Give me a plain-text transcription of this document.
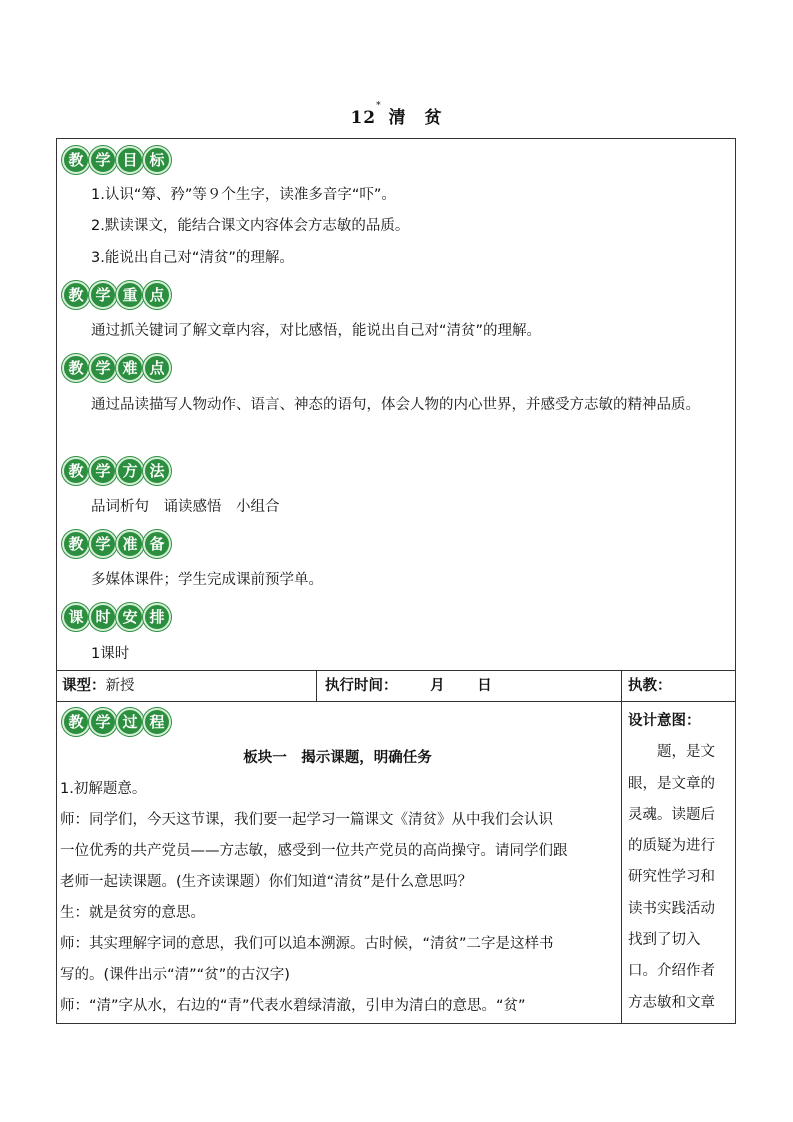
12* 清 贫
教 学 目 标
1.认识“筹、矜”等９个生字，读准多音字“吓”。
2.默读课文，能结合课文内容体会方志敏的品质。
3.能说出自己对“清贫”的理解。
教 学 重 点
通过抓关键词了解文章内容，对比感悟，能说出自己对“清贫”的理解。
教 学 难 点
通过品读描写人物动作、语言、神态的语句，体会人物的内心世界，并感受方志敏的精神品质。
教 学 方 法
品词析句　诵读感悟　小组合
教 学 准 备
多媒体课件；学生完成课前预学单。
课 时 安 排
1课时
课型：新授	执行时间： 月 日	执教：
教 学 过 程

板块一　揭示课题，明确任务

1.初解题意。

师：同学们，今天这节课，我们要一起学习一篇课文《清贫》从中我们会认识

一位优秀的共产党员——方志敏，感受到一位共产党员的高尚操守。请同学们跟

老师一起读课题。(生齐读课题）你们知道“清贫”是什么意思吗？

生：就是贫穷的意思。

师：其实理解字词的意思，我们可以追本溯源。古时候，“清贫”二字是这样书

写的。(课件出示“清”“贫”的古汉字)

师：“清”字从水，右边的“青”代表水碧绿清澈，引申为清白的意思。“贫”

设计意图：
　　题，是文
眼，是文章的
灵魂。读题后
的质疑为进行
研究性学习和
读书实践活动
找到了切入
口。介绍作者
方志敏和文章
